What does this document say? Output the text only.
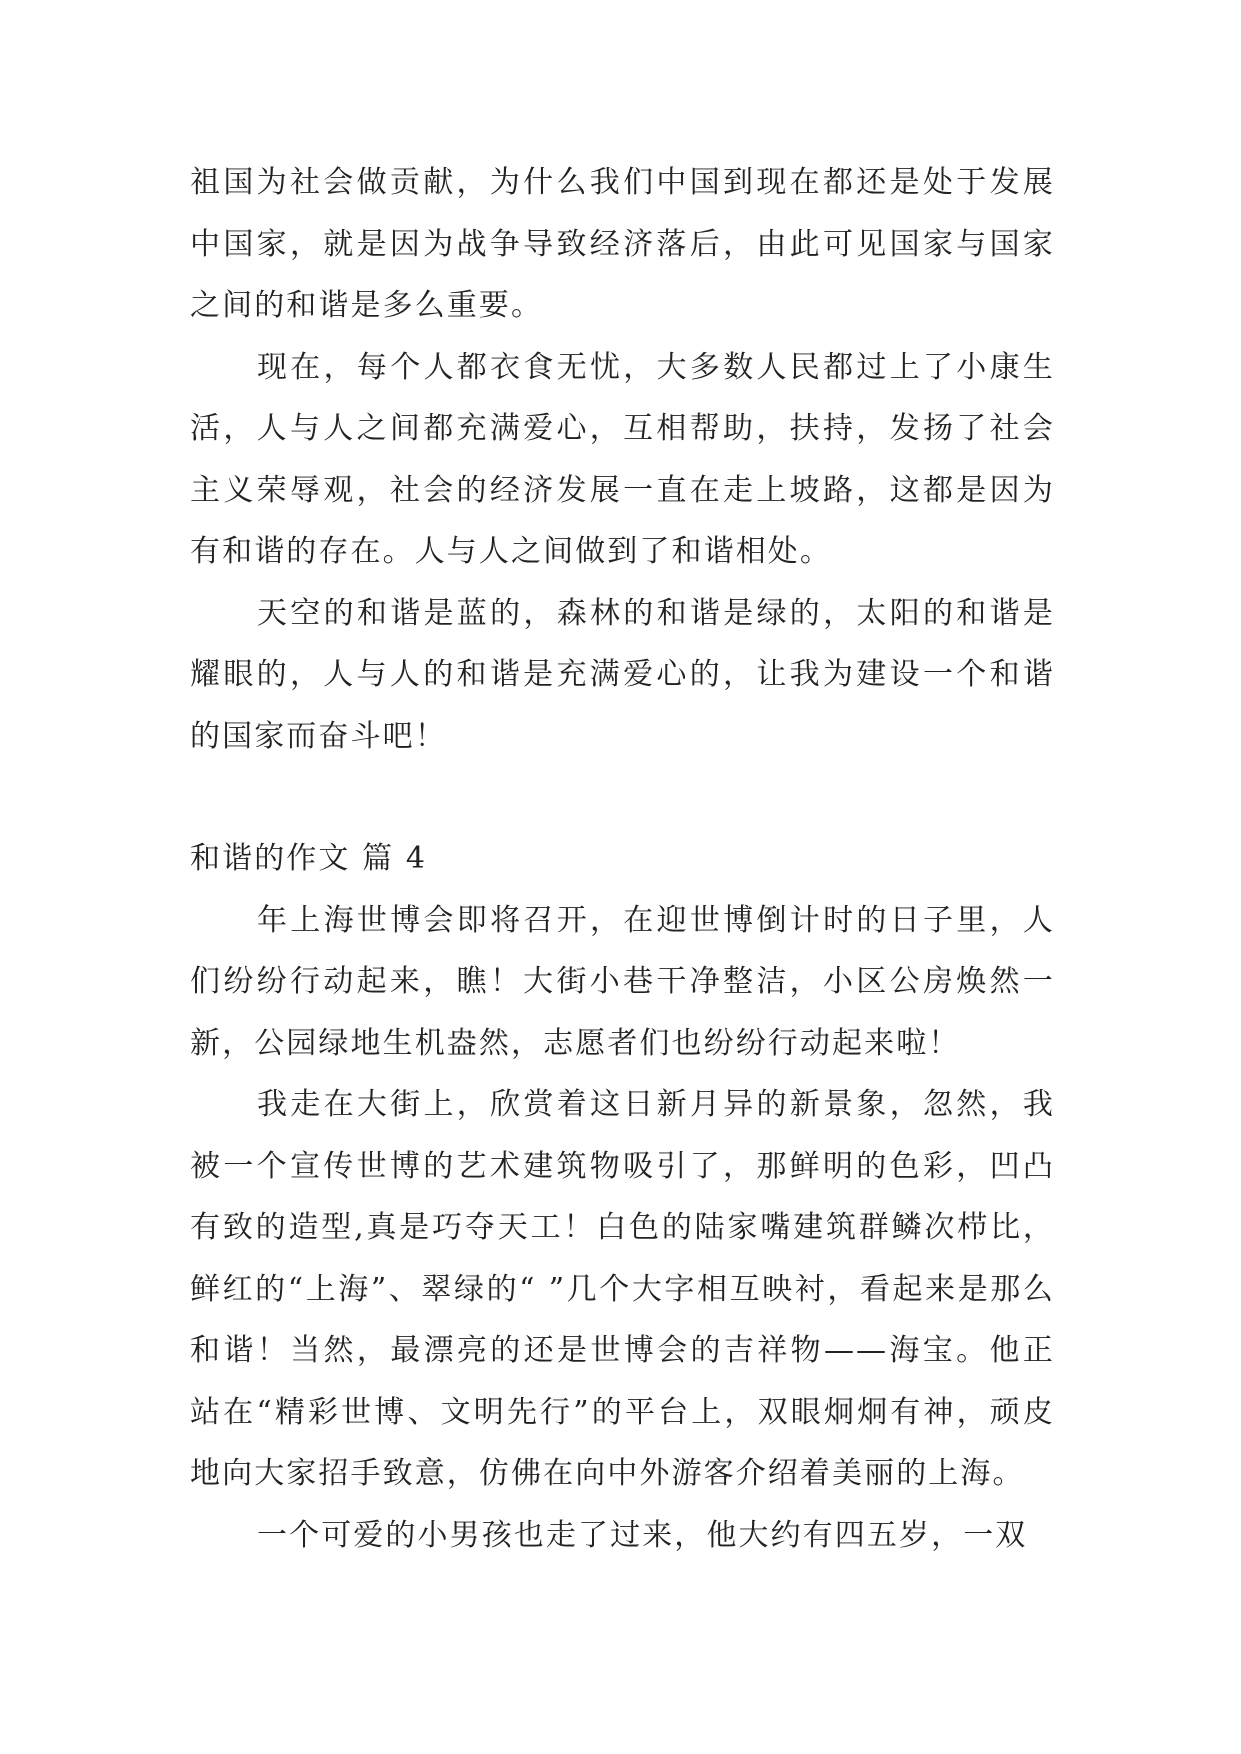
祖国为社会做贡献，为什么我们中国到现在都还是处于发展中国家，就是因为战争导致经济落后，由此可见国家与国家之间的和谐是多么重要。

现在，每个人都衣食无忧，大多数人民都过上了小康生活，人与人之间都充满爱心，互相帮助，扶持，发扬了社会主义荣辱观，社会的经济发展一直在走上坡路，这都是因为有和谐的存在。人与人之间做到了和谐相处。

天空的和谐是蓝的，森林的和谐是绿的，太阳的和谐是耀眼的，人与人的和谐是充满爱心的，让我为建设一个和谐的国家而奋斗吧！

和谐的作文 篇 4

年上海世博会即将召开，在迎世博倒计时的日子里，人们纷纷行动起来，瞧！大街小巷干净整洁，小区公房焕然一新，公园绿地生机盎然，志愿者们也纷纷行动起来啦！

我走在大街上，欣赏着这日新月异的新景象，忽然，我被一个宣传世博的艺术建筑物吸引了，那鲜明的色彩，凹凸有致的造型,真是巧夺天工！白色的陆家嘴建筑群鳞次栉比，鲜红的“上海”、翠绿的“ ”几个大字相互映衬，看起来是那么和谐！当然，最漂亮的还是世博会的吉祥物——海宝。他正站在“精彩世博、文明先行”的平台上，双眼炯炯有神，顽皮地向大家招手致意，仿佛在向中外游客介绍着美丽的上海。

一个可爱的小男孩也走了过来，他大约有四五岁，一双
